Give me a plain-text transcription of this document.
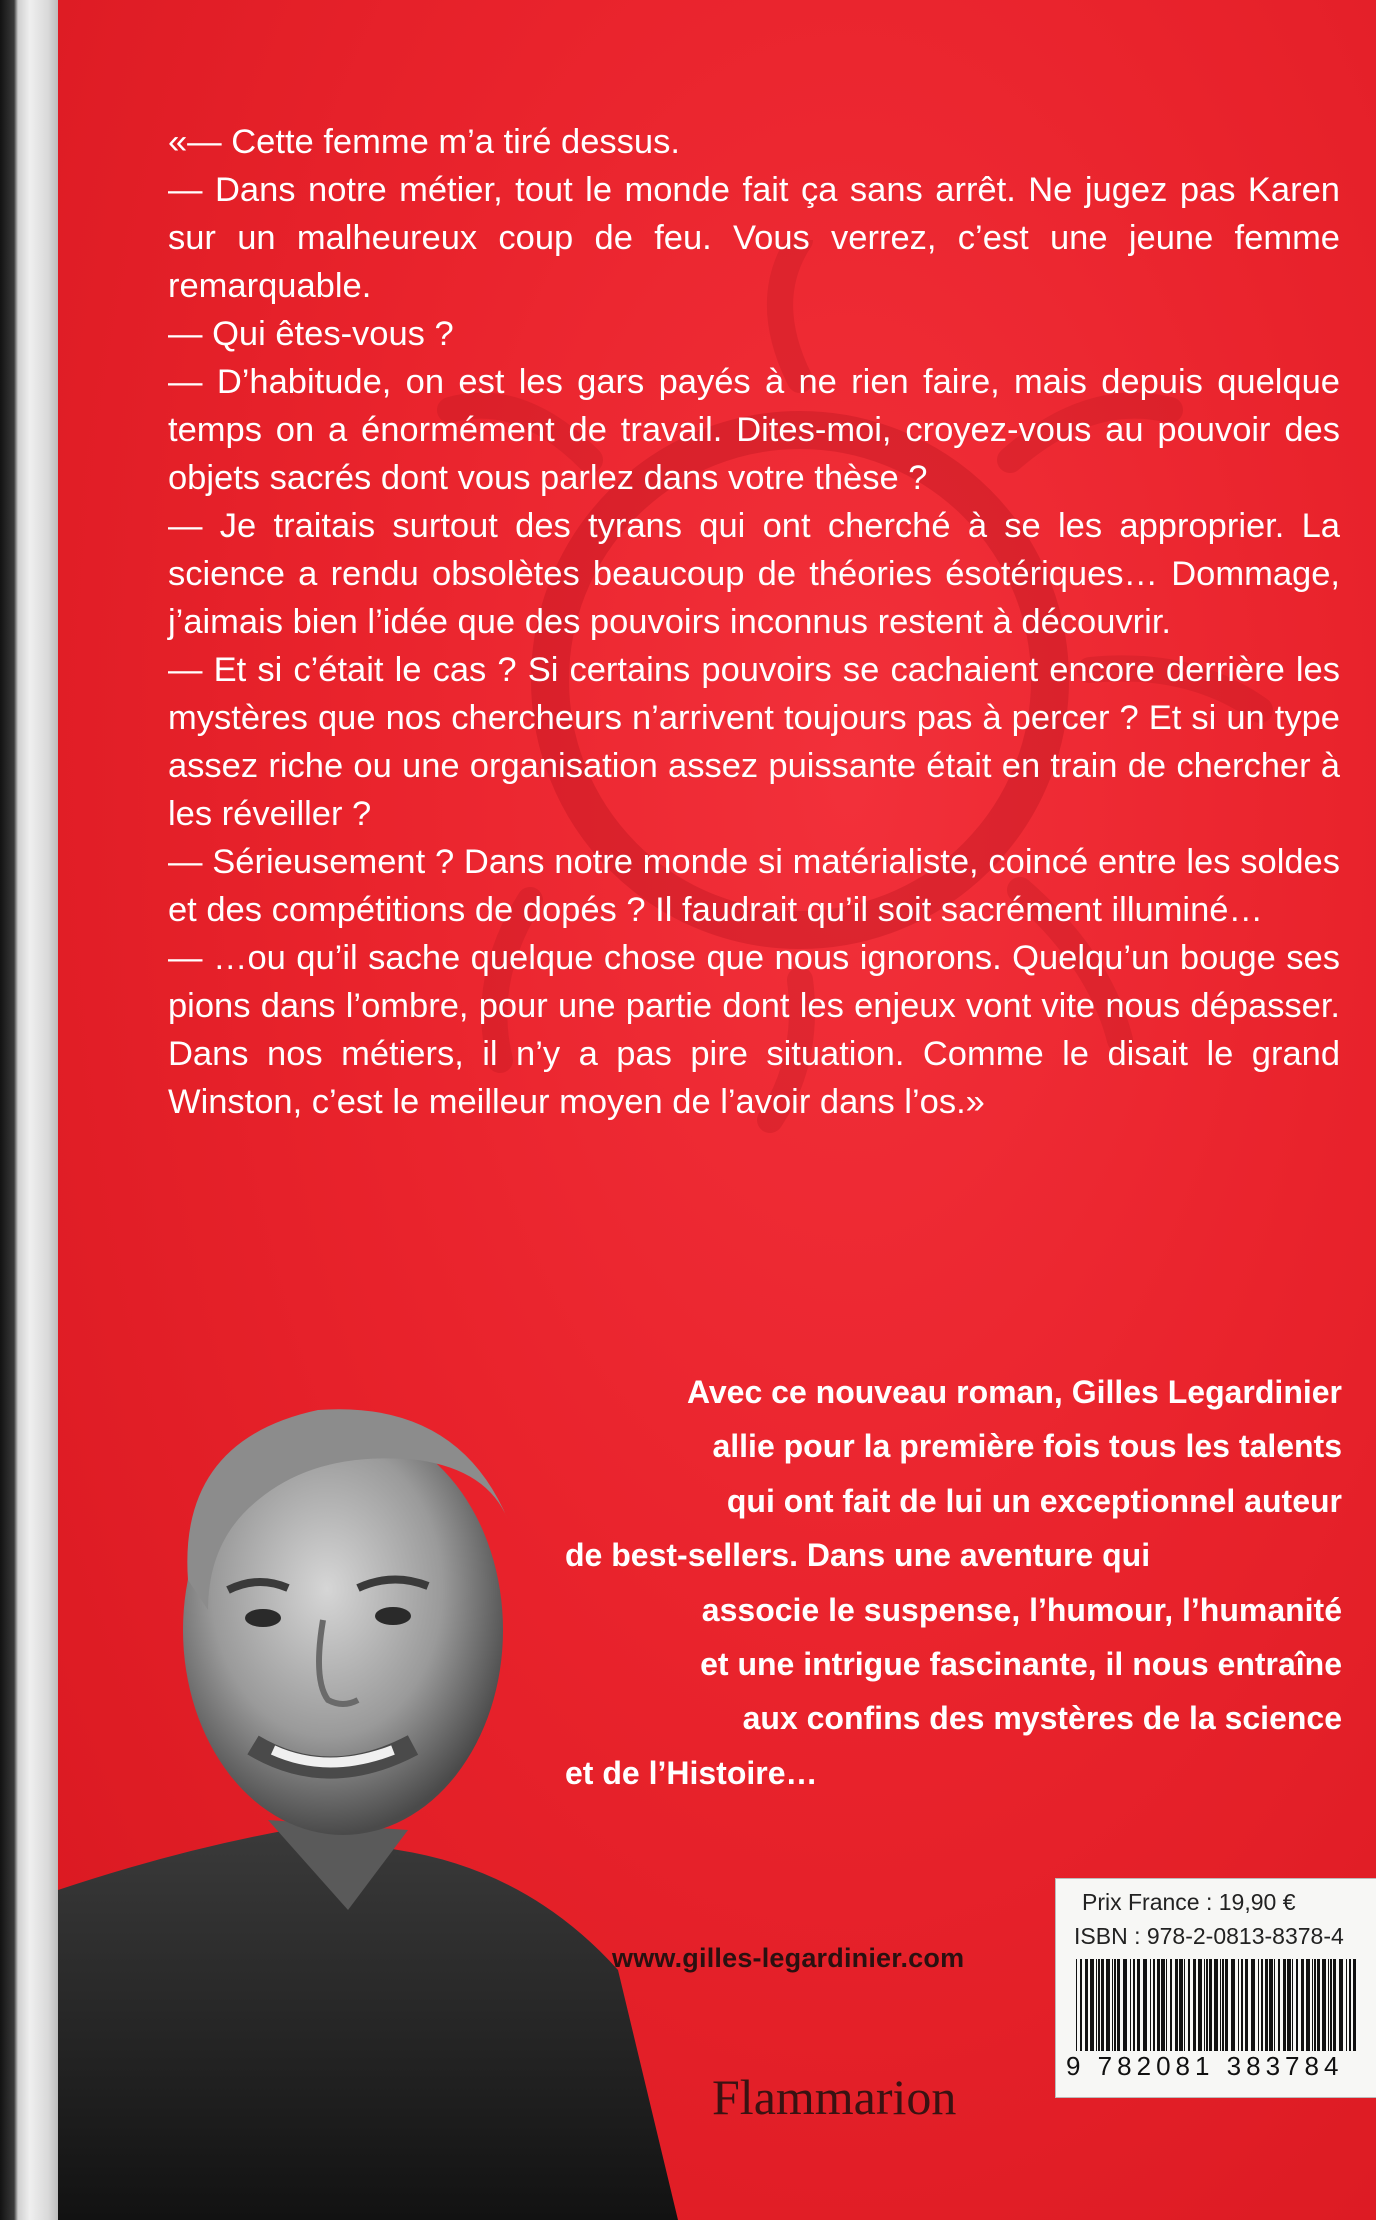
«— Cette femme m’a tiré dessus.

— Dans notre métier, tout le monde fait ça sans arrêt. Ne jugez pas Karen sur un malheureux coup de feu. Vous verrez, c’est une jeune femme remarquable.

— Qui êtes-vous ?

— D’habitude, on est les gars payés à ne rien faire, mais depuis quelque temps on a énormément de travail. Dites-moi, croyez-vous au pouvoir des objets sacrés dont vous parlez dans votre thèse ?

— Je traitais surtout des tyrans qui ont cherché à se les approprier. La science a rendu obsolètes beaucoup de théories ésotériques… Dommage, j’aimais bien l’idée que des pouvoirs inconnus restent à découvrir.

— Et si c’était le cas ? Si certains pouvoirs se cachaient encore derrière les mystères que nos chercheurs n’arrivent toujours pas à percer ? Et si un type assez riche ou une organisation assez puissante était en train de chercher à les réveiller ?

— Sérieusement ? Dans notre monde si matérialiste, coincé entre les soldes et des compétitions de dopés ? Il faudrait qu’il soit sacrément illuminé…

— …ou qu’il sache quelque chose que nous ignorons. Quelqu’un bouge ses pions dans l’ombre, pour une partie dont les enjeux vont vite nous dépasser. Dans nos métiers, il n’y a pas pire situation. Comme le disait le grand Winston, c’est le meilleur moyen de l’avoir dans l’os.»

Avec ce nouveau roman, Gilles Legardinier
allie pour la première fois tous les talents
qui ont fait de lui un exceptionnel auteur
de best-sellers. Dans une aventure qui
associe le suspense, l’humour, l’humanité
et une intrigue fascinante, il nous entraîne
aux confins des mystères de la science
et de l’Histoire…
www.gilles-legardinier.com
Flammarion
Prix France : 19,90 €
ISBN : 978-2-0813-8378-4
9 782081 383784
